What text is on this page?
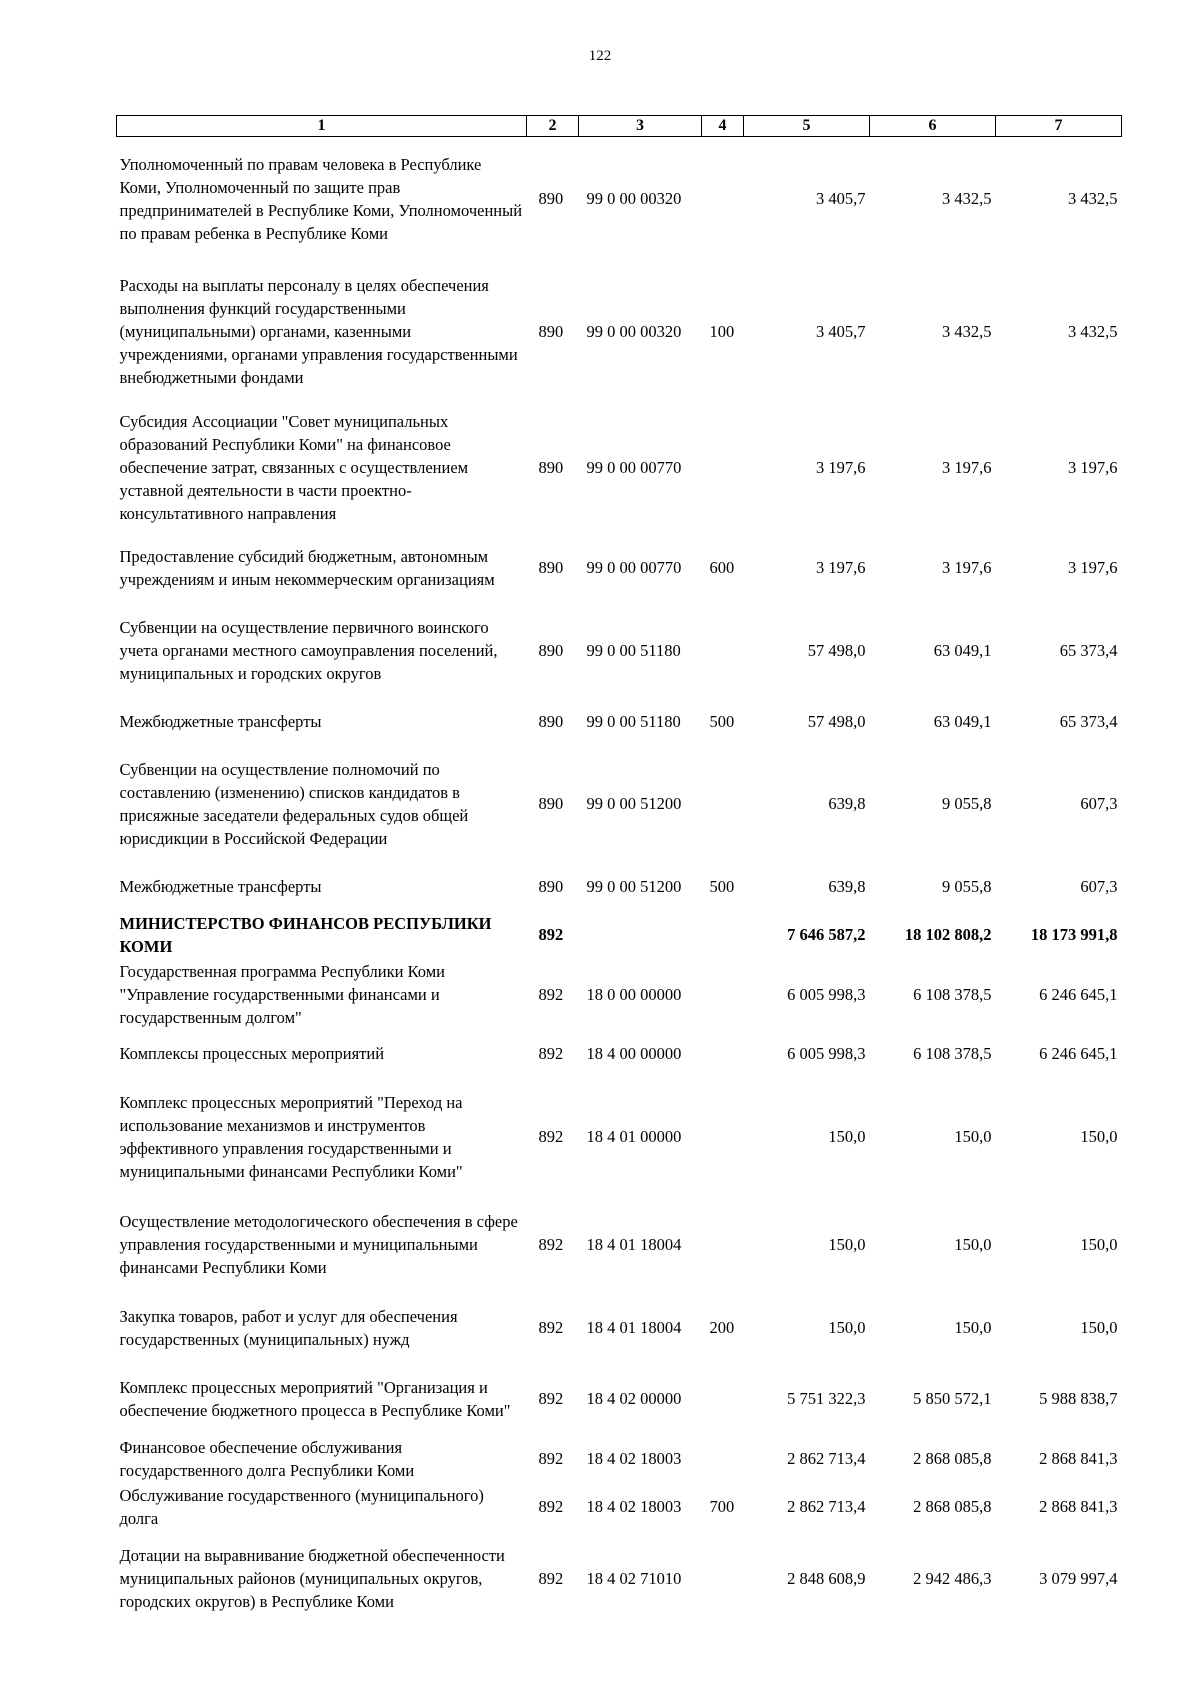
122
1	2	3	4	5	6	7
Уполномоченный по правам человека в Республике Коми, Уполномоченный по защите прав предпринимателей в Республике Коми, Уполномоченный по правам ребенка в Республике Коми	890	99 0 00 00320		3 405,7	3 432,5	3 432,5
Расходы на выплаты персоналу в целях обеспечения выполнения функций государственными (муниципальными) органами, казенными учреждениями, органами управления государственными внебюджетными фондами	890	99 0 00 00320	100	3 405,7	3 432,5	3 432,5
Субсидия Ассоциации "Совет муниципальных образований Республики Коми" на финансовое обеспечение затрат, связанных с осуществлением уставной деятельности в части проектно-консультативного направления	890	99 0 00 00770		3 197,6	3 197,6	3 197,6
Предоставление субсидий бюджетным, автономным учреждениям и иным некоммерческим организациям	890	99 0 00 00770	600	3 197,6	3 197,6	3 197,6
Субвенции на осуществление первичного воинского учета органами местного самоуправления поселений, муниципальных и городских округов	890	99 0 00 51180		57 498,0	63 049,1	65 373,4
Межбюджетные трансферты	890	99 0 00 51180	500	57 498,0	63 049,1	65 373,4
Субвенции на осуществление полномочий по составлению (изменению) списков кандидатов в присяжные заседатели федеральных судов общей юрисдикции в Российской Федерации	890	99 0 00 51200		639,8	9 055,8	607,3
Межбюджетные трансферты	890	99 0 00 51200	500	639,8	9 055,8	607,3
МИНИСТЕРСТВО ФИНАНСОВ РЕСПУБЛИКИ КОМИ	892			7 646 587,2	18 102 808,2	18 173 991,8
Государственная программа Республики Коми "Управление государственными финансами и государственным долгом"	892	18 0 00 00000		6 005 998,3	6 108 378,5	6 246 645,1
Комплексы процессных мероприятий	892	18 4 00 00000		6 005 998,3	6 108 378,5	6 246 645,1
Комплекс процессных мероприятий "Переход на использование механизмов и инструментов эффективного управления государственными и муниципальными финансами Республики Коми"	892	18 4 01 00000		150,0	150,0	150,0
Осуществление методологического обеспечения в сфере управления государственными и муниципальными финансами Республики Коми	892	18 4 01 18004		150,0	150,0	150,0
Закупка товаров, работ и услуг для обеспечения государственных (муниципальных) нужд	892	18 4 01 18004	200	150,0	150,0	150,0
Комплекс процессных мероприятий "Организация и обеспечение бюджетного процесса в Республике Коми"	892	18 4 02 00000		5 751 322,3	5 850 572,1	5 988 838,7
Финансовое обеспечение обслуживания государственного долга Республики Коми	892	18 4 02 18003		2 862 713,4	2 868 085,8	2 868 841,3
Обслуживание государственного (муниципального) долга	892	18 4 02 18003	700	2 862 713,4	2 868 085,8	2 868 841,3
Дотации на выравнивание бюджетной обеспеченности муниципальных районов (муниципальных округов, городских округов) в Республике Коми	892	18 4 02 71010		2 848 608,9	2 942 486,3	3 079 997,4
